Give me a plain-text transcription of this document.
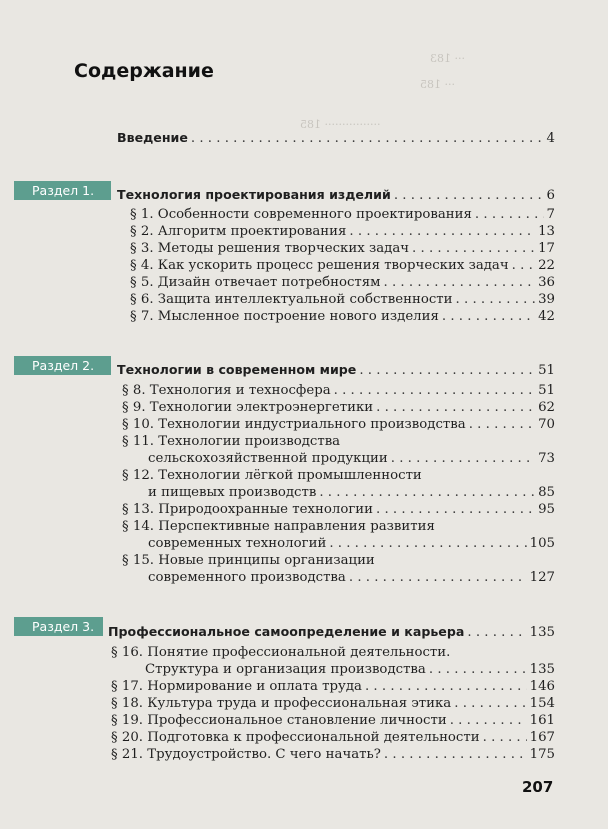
··· 183
··· 185
················ 185
Содержание
Введение . . .	4
Раздел 1.	Технология проектирования изделий . . .	6
§ 1. Особенности современного проектирования . . .	7
§ 2. Алгоритм проектирования . . .	13
§ 3. Методы решения творческих задач . . .	17
§ 4. Как ускорить процесс решения творческих задач . . . 22
§ 5. Дизайн отвечает потребностям . . .	36
§ 6. Защита интеллектуальной собственности . . .	39
§ 7. Мысленное построение нового изделия . . .	42
Раздел 2.	Технологии в современном мире . . .	51
§ 8. Технология и техносфера . . .	51
§ 9. Технологии электроэнергетики . . .	62
§ 10. Технологии индустриального производства . . .	70
§ 11. Технологии производства
сельскохозяйственной продукции . . .	73
§ 12. Технологии лёгкой промышленности
и пищевых производств . . .	85
§ 13. Природоохранные технологии . . .	95
§ 14. Перспективные направления развития
современных технологий . . .	105
§ 15. Новые принципы организации
современного производства . . .	127
Раздел 3.	Профессиональное самоопределение и карьера . . .	135
§ 16. Понятие профессиональной деятельности.
Структура и организация производства . . .	135
§ 17. Нормирование и оплата труда . . .	146
§ 18. Культура труда и профессиональная этика . . .	154
§ 19. Профессиональное становление личности . . .	161
§ 20. Подготовка к профессиональной деятельности . . .	167
§ 21. Трудоустройство. С чего начать? . . .	175
207
